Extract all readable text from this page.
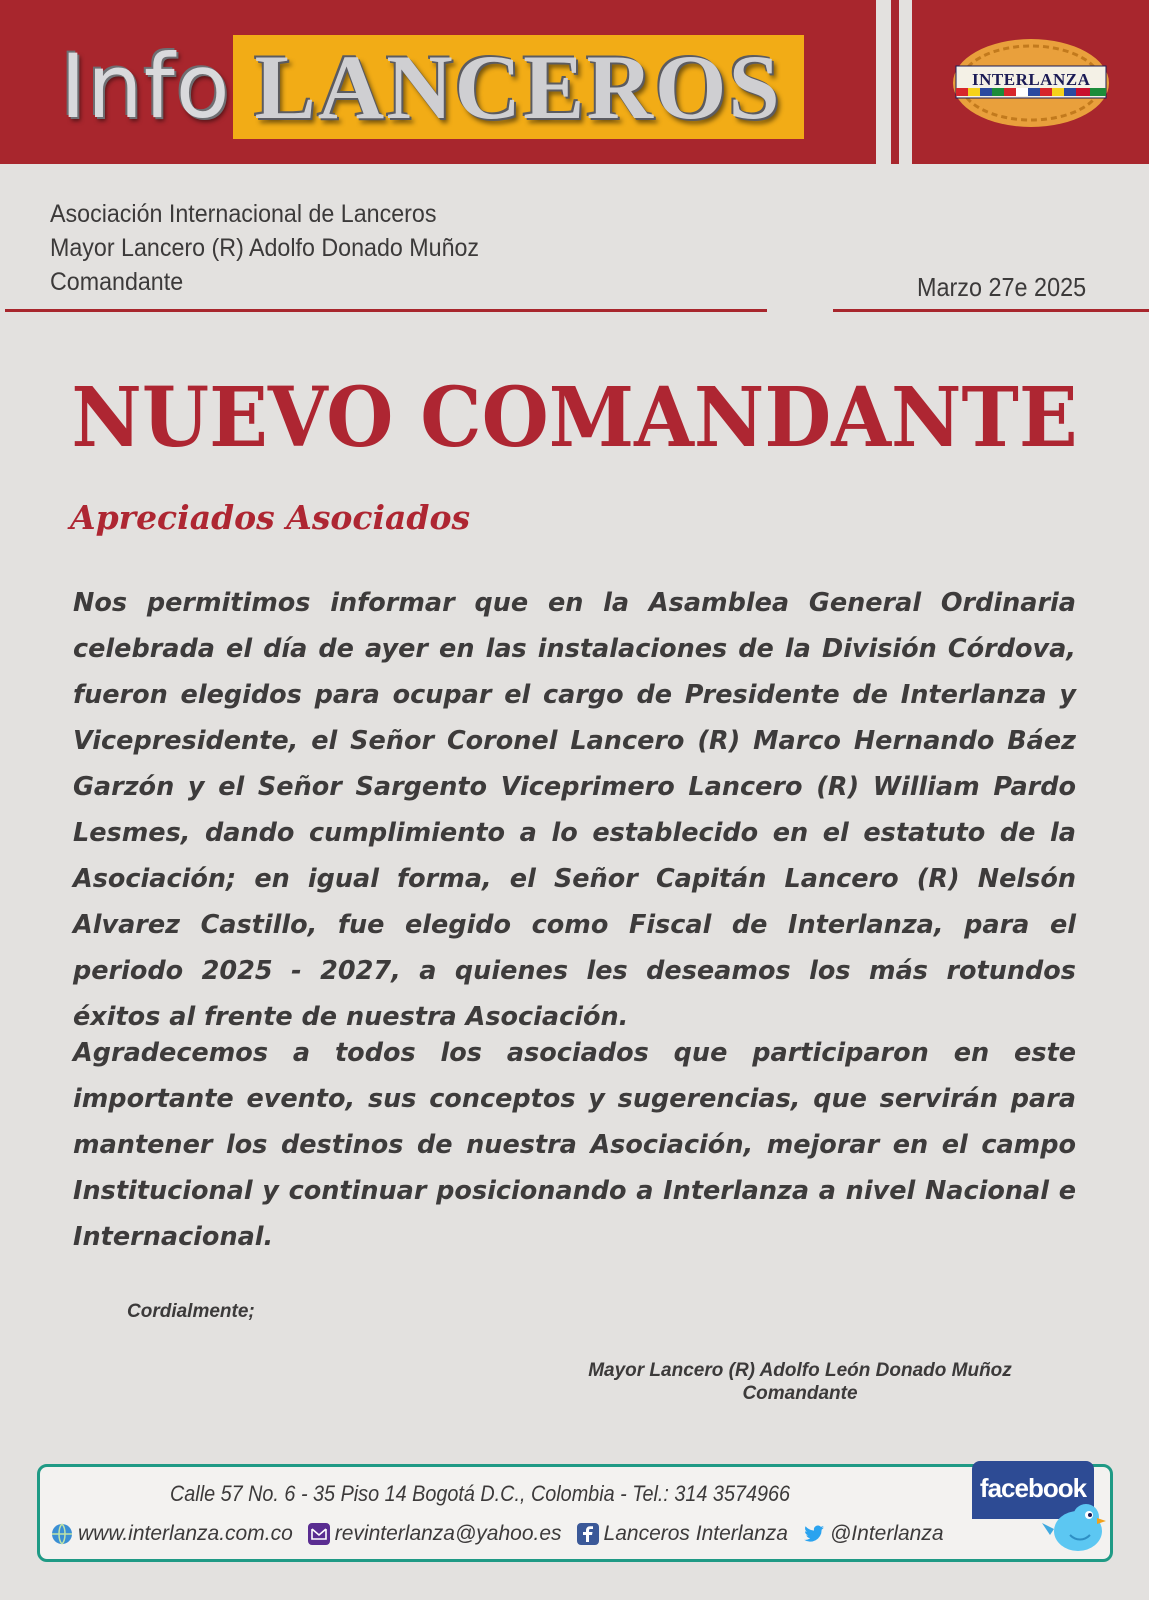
Info LANCEROS	INTERLANZA
Asociación Internacional de Lanceros
Mayor Lancero (R) Adolfo Donado Muñoz
Comandante	Marzo 27e 2025
NUEVO COMANDANTE
Apreciados Asociados

Nos permitimos informar que en la Asamblea General Ordinaria celebrada el día de ayer en las instalaciones de la División Córdova, fueron elegidos para ocupar el cargo de Presidente de Interlanza y Vicepresidente, el Señor Coronel Lancero (R) Marco Hernando Báez Garzón y el Señor Sargento Viceprimero Lancero (R) William Pardo Lesmes, dando cumplimiento a lo establecido en el estatuto de la Asociación; en igual forma, el Señor Capitán Lancero (R) Nelsón Alvarez Castillo, fue elegido como Fiscal de Interlanza, para el periodo 2025 - 2027, a quienes les deseamos los más rotundos éxitos al frente de nuestra Asociación.

Agradecemos a todos los asociados que participaron en este importante evento, sus conceptos y sugerencias, que servirán para mantener los destinos de nuestra Asociación, mejorar en el campo Institucional y continuar posicionando a Interlanza a nivel Nacional e Internacional.

Cordialmente;
Mayor Lancero (R) Adolfo León Donado Muñoz
Comandante
Calle 57 No. 6 - 35 Piso 14 Bogotá D.C., Colombia - Tel.: 314 3574966
www.interlanza.com.co revinterlanza@yahoo.es Lanceros Interlanza @Interlanza
facebook
